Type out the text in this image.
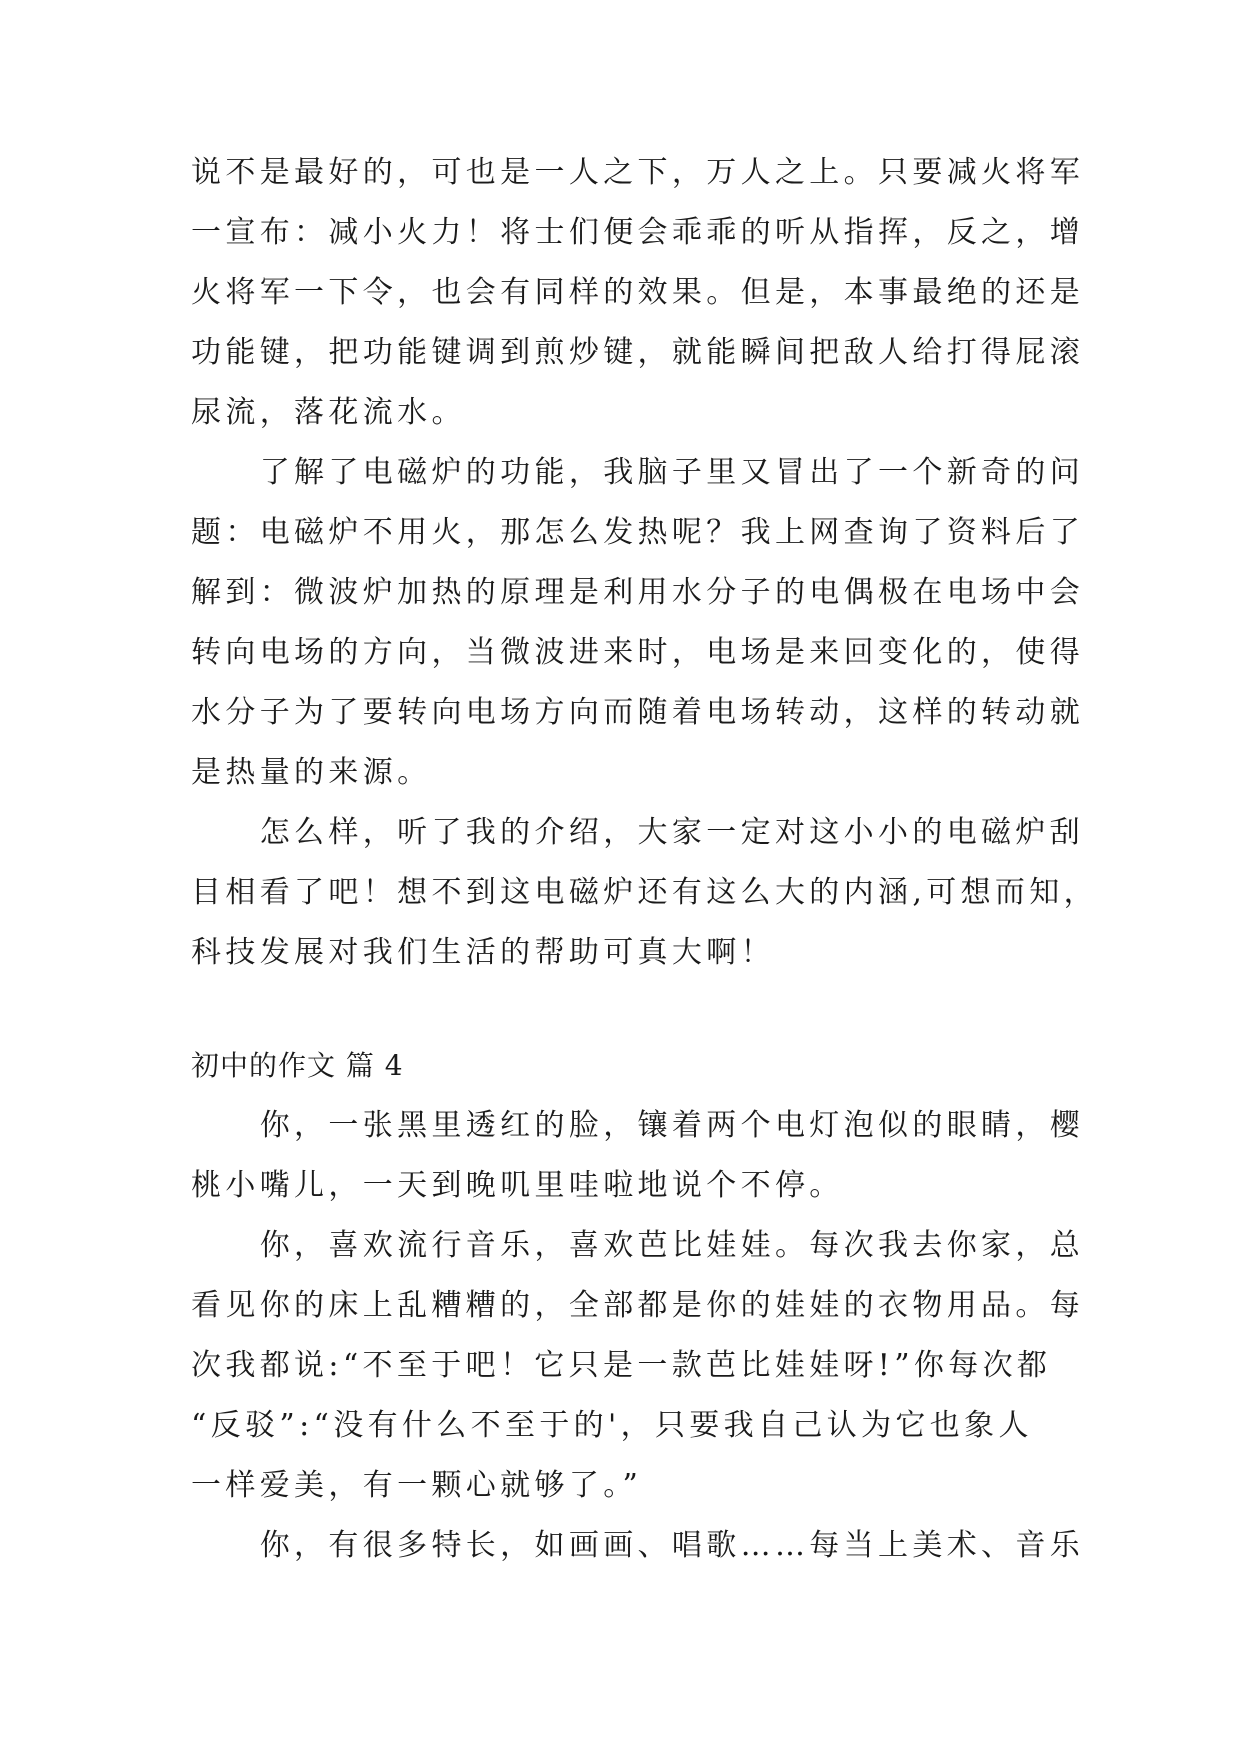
说不是最好的，可也是一人之下，万人之上。只要减火将军
一宣布：减小火力！将士们便会乖乖的听从指挥，反之，增
火将军一下令，也会有同样的效果。但是，本事最绝的还是
功能键，把功能键调到煎炒键，就能瞬间把敌人给打得屁滚
尿流，落花流水。
　　了解了电磁炉的功能，我脑子里又冒出了一个新奇的问
题：电磁炉不用火，那怎么发热呢？我上网查询了资料后了
解到：微波炉加热的原理是利用水分子的电偶极在电场中会
转向电场的方向，当微波进来时，电场是来回变化的，使得
水分子为了要转向电场方向而随着电场转动，这样的转动就
是热量的来源。
　　怎么样，听了我的介绍，大家一定对这小小的电磁炉刮
目相看了吧！想不到这电磁炉还有这么大的内涵,可想而知，
科技发展对我们生活的帮助可真大啊！
初中的作文 篇 4
　　你，一张黑里透红的脸，镶着两个电灯泡似的眼睛，樱
桃小嘴儿，一天到晚叽里哇啦地说个不停。
　　你，喜欢流行音乐，喜欢芭比娃娃。每次我去你家，总
看见你的床上乱糟糟的，全部都是你的娃娃的衣物用品。每
次我都说:“不至于吧！它只是一款芭比娃娃呀!”你每次都
“反驳”:“没有什么不至于的'，只要我自己认为它也象人
一样爱美，有一颗心就够了。”
　　你，有很多特长，如画画、唱歌……每当上美术、音乐
